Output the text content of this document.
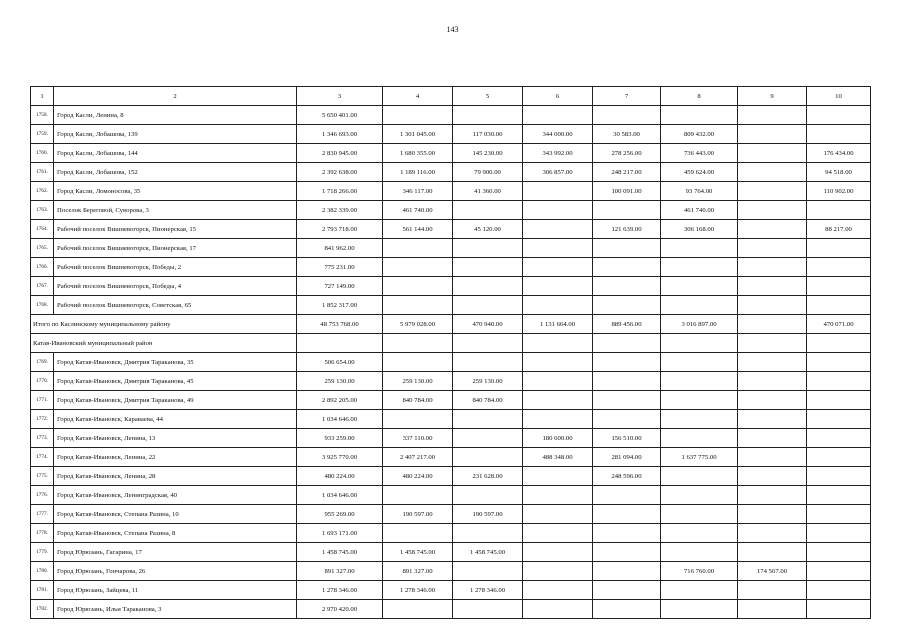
143
1	2	3	4	5	6	7	8	9	10
1758.	Город Касли, Ленина, 8	5 650 401.00							
1759.	Город Касли, Лобашова, 139	1 346 693.00	1 301 045.00	117 030.00	344 000.00	30 583.00	809 432.00		
1760.	Город Касли, Лобашова, 144	2 830 945.00	1 680 355.00	145 230.00	343 992.00	278 256.00	736 443.00		176 434.00
1761.	Город Касли, Лобашова, 152	2 392 638.00	1 189 116.00	79 900.00	306 857.00	248 217.00	459 624.00		94 518.00
1762.	Город Касли, Ломоносова, 35	1 718 266.00	346 117.00	41 360.00		100 091.00	93 764.00		110 902.00
1763.	Поселок Береговой, Суворова, 3	2 382 339.00	461 740.00				461 740.00		
1764.	Рабочий поселок Вишневогорск, Пионерская, 15	2 793 718.00	561 144.00	45 120.00		121 639.00	306 168.00		88 217.00
1765.	Рабочий поселок Вишневогорск, Пионерская, 17	841 962.00							
1766.	Рабочий поселок Вишневогорск, Победы, 2	775 231.00							
1767.	Рабочий поселок Вишневогорск, Победы, 4	727 149.00							
1768.	Рабочий поселок Вишневогорск, Советская, 65	1 852 317.00							
Итого по Каслинскому муниципальному району		48 753 768.00	5 979 028.00	470 940.00	1 131 664.00	889 456.00	3 016 897.00		470 071.00
Катав-Ивановский муниципальный район									
1769.	Город Катав-Ивановск, Дмитрия Тараканова, 35	506 654.00							
1770.	Город Катав-Ивановск, Дмитрия Тараканова, 45	259 130.00	259 130.00	259 130.00					
1771.	Город Катав-Ивановск, Дмитрия Тараканова, 49	2 892 205.00	840 784.00	840 784.00					
1772.	Город Катав-Ивановск, Караваева, 44	1 034 646.00							
1773.	Город Катав-Ивановск, Ленина, 13	933 259.00	337 110.00		180 600.00	156 510.00			
1774.	Город Катав-Ивановск, Ленина, 22	3 925 770.00	2 407 217.00		488 348.00	281 094.00	1 637 775.00		
1775.	Город Катав-Ивановск, Ленина, 28	480 224.00	480 224.00	231 628.00		248 596.00			
1776.	Город Катав-Ивановск, Ленинградская, 40	1 034 646.00							
1777.	Город Катав-Ивановск, Степана Разина, 10	955 269.00	190 597.00	190 597.00					
1778.	Город Катав-Ивановск, Степана Разина, 8	1 693 171.00							
1779.	Город Юрюзань, Гагарина, 17	1 458 745.00	1 458 745.00	1 458 745.00					
1780.	Город Юрюзань, Гончарова, 26	891 327.00	891 327.00				716 760.00	174 567.00	
1781.	Город Юрюзань, Зайцева, 11	1 278 346.00	1 278 346.00	1 278 346.00					
1782.	Город Юрюзань, Ильи Тараканова, 3	2 970 420.00							
